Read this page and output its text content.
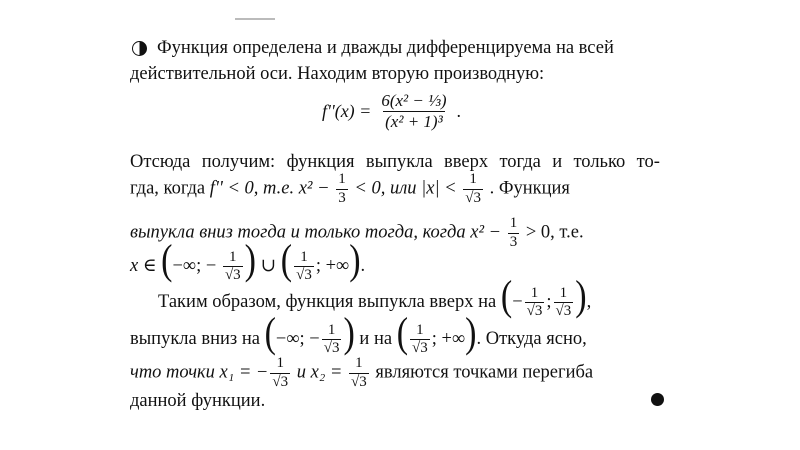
Функция определена и дважды дифференцируема на всей
действительной оси. Находим вторую производную:
$f''(x) = \frac{\text{6(x² − ⅓)}}{\text{(x² + 1)³}}$ .
Отсюда получим: функция выпукла вверх тогда и только то-
гда, когда f'' < 0, т.е. $x^2 - \frac{1}{3} < 0$, или $|x| < \frac{1}{√3}$ . Функция
выпукла вниз тогда и только тогда, когда $x^2 - \frac{1}{3} > 0$, т.е.
x ∈ (−∞; − $\frac{1}{√3}$ ) ∪ ( $\frac{1}{√3}$ ; +∞).
Таким образом, функция выпукла вверх на (− $\frac{1}{√3}$ ; $\frac{1}{√3}$ ),
выпукла вниз на (−∞; − $\frac{1}{√3}$ ) и на ( $\frac{1}{√3}$ ; +∞). Откуда ясно,
что точки x₁ = − $\frac{1}{√3}$ и $x_2 = \frac{1}{√3}$ являются точками перегиба
данной функции.
